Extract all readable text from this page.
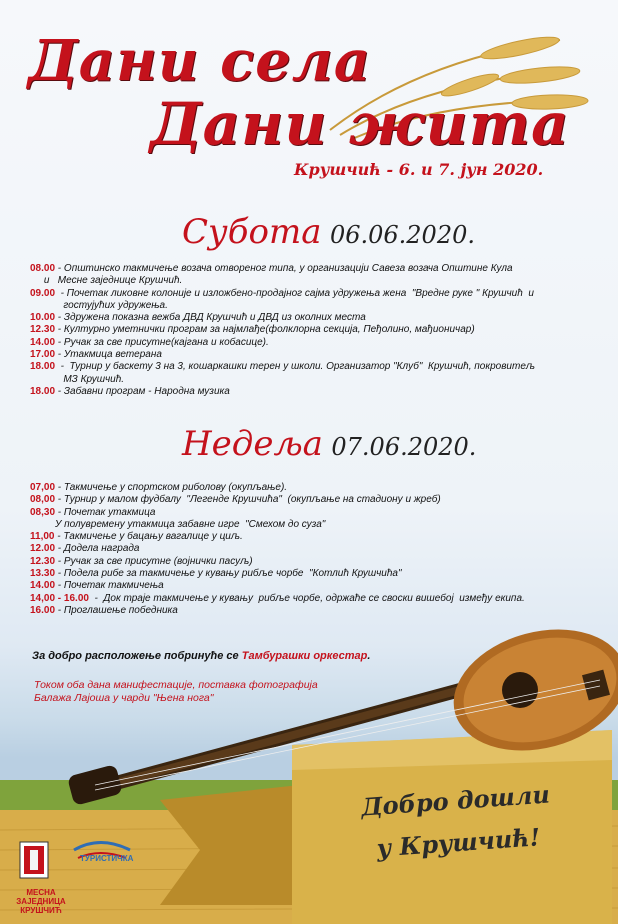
Дани села
Дани жита
Крушчић - 6. и 7. јун 2020.
Субота 06.06.2020.
08.00 - Општинско такмичење возача отвореног типа, у организацији Савеза возача Општине Кула
и   Месне заједнице Крушчић.
09.00 - Почетак ликовне колоније и изложбено-продајног сајма удружења жена  "Вредне руке " Крушчић  и
гостујућих удружења.
10.00 - Здружена показна вежба ДВД Крушчић и ДВД из околних места
12.30 - Културно уметнички програм за најмлађе(фолклорна секција, Пеђолино, мађионичар)
14.00 - Ручак за све присутне(кајгана и кобасице).
17.00 - Утакмица ветерана
18.00 -  Турнир у баскету 3 на 3, кошаркашки терен у школи. Организатор "Клуб"  Крушчић, покровитељ
МЗ Крушчић.
18.00 - Забавни програм - Народна музика
Недеља 07.06.2020.
07,00 - Такмичење у спортском риболову (окупљање).
08,00 - Турнир у малом фудбалу  "Легенде Крушчића"  (окупљање на стадиону и жреб)
08,30 - Почетак утакмица
У полувремену утакмица забавне игре  "Смехом до суза"
11,00 - Такмичење у бацању вагалице у циљ.
12.00 - Додела награда
12.30 - Ручак за све присутне (војнички пасуљ)
13.30 - Подела рибе за такмичење у кувању рибље чорбе  "Котлић Крушчића"
14.00 - Почетак такмичења
14,00 - 16.00 -  Док траје такмичење у кувању  рибље чорбе, одржаће се своски вишебој  између екипа.
16.00 - Проглашење победника
За добро расположење побринуће се Тамбурашки оркестар.
Током оба дана манифестације, поставка фотографија
Балажа Лајоша у чарди "Њена нога"
Добро дошли
у Крушчић!
МЕСНА ЗАЈЕДНИЦА
КРУШЧИЋ
ТУРИСТИЧКА
